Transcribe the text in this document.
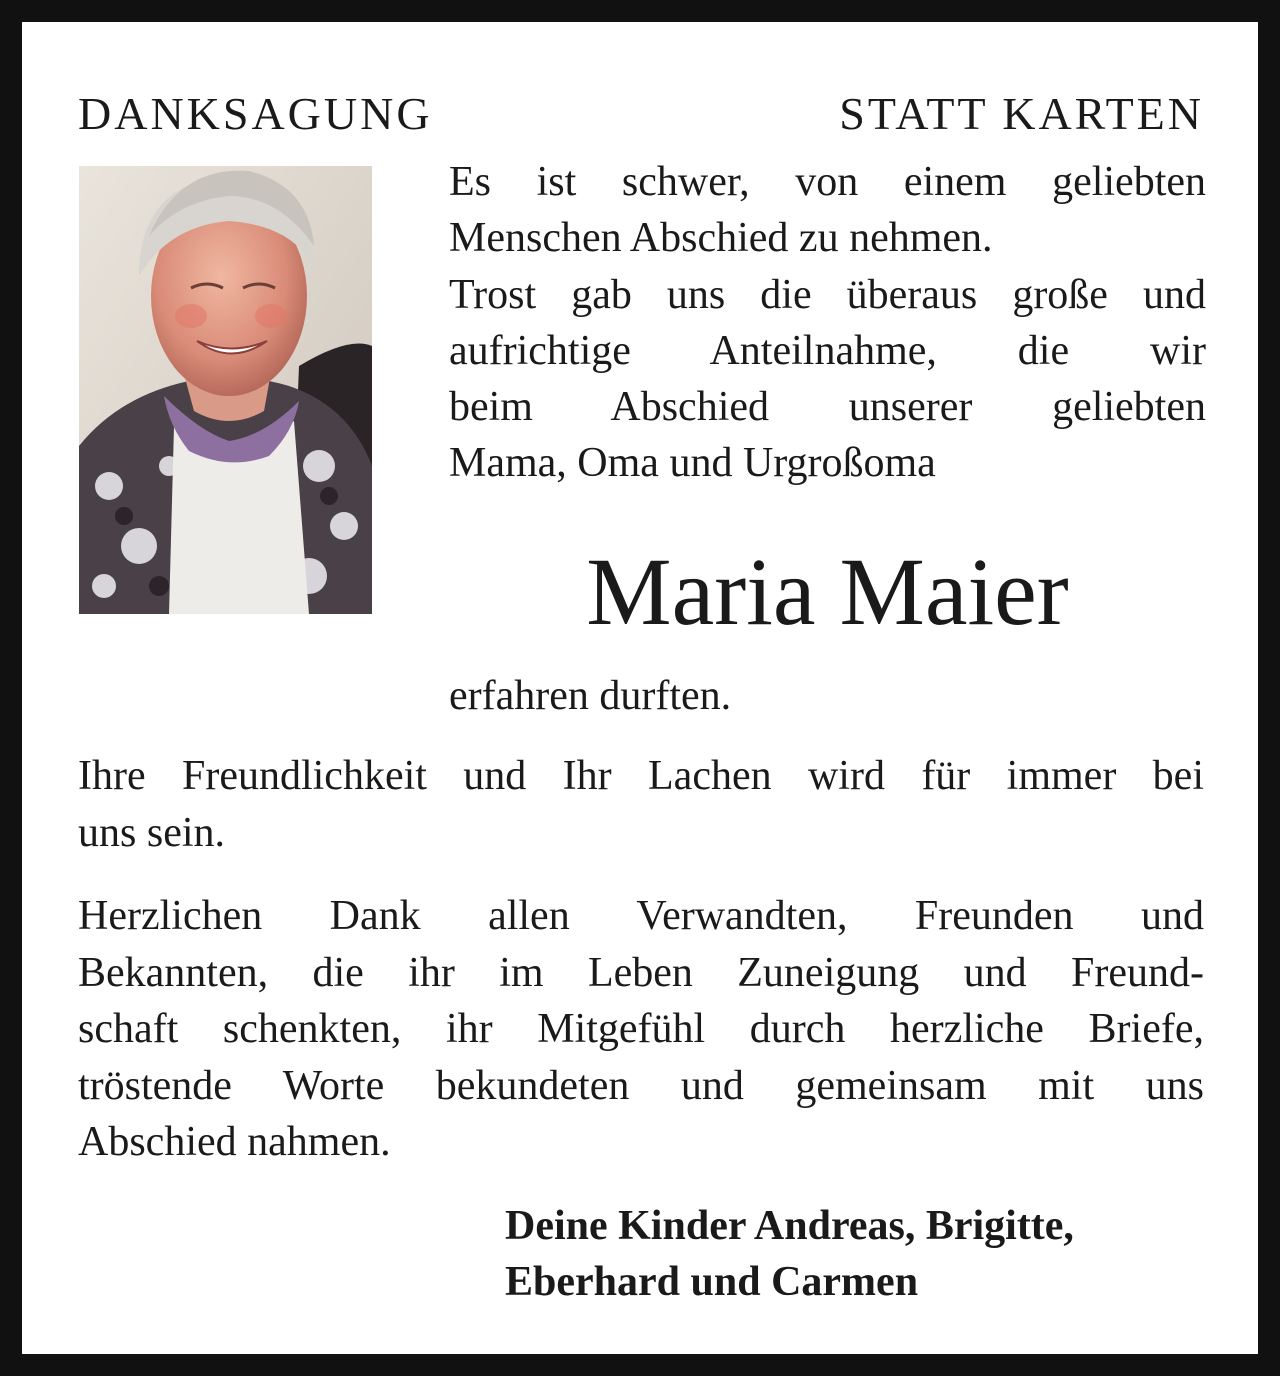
DANKSAGUNG	STATT KARTEN
Es ist schwer, von einem geliebten
Menschen Abschied zu nehmen.
Trost gab uns die überaus große und
aufrichtige Anteilnahme, die wir
beim Abschied unserer geliebten
Mama, Oma und Urgroßoma
Maria Maier
erfahren durften.
Ihre Freundlichkeit und Ihr Lachen wird für immer bei
uns sein.
Herzlichen Dank allen Verwandten, Freunden und
Bekannten, die ihr im Leben Zuneigung und Freund-
schaft schenkten, ihr Mitgefühl durch herzliche Briefe,
tröstende Worte bekundeten und gemeinsam mit uns
Abschied nahmen.
Deine Kinder Andreas, Brigitte,
Eberhard und Carmen
